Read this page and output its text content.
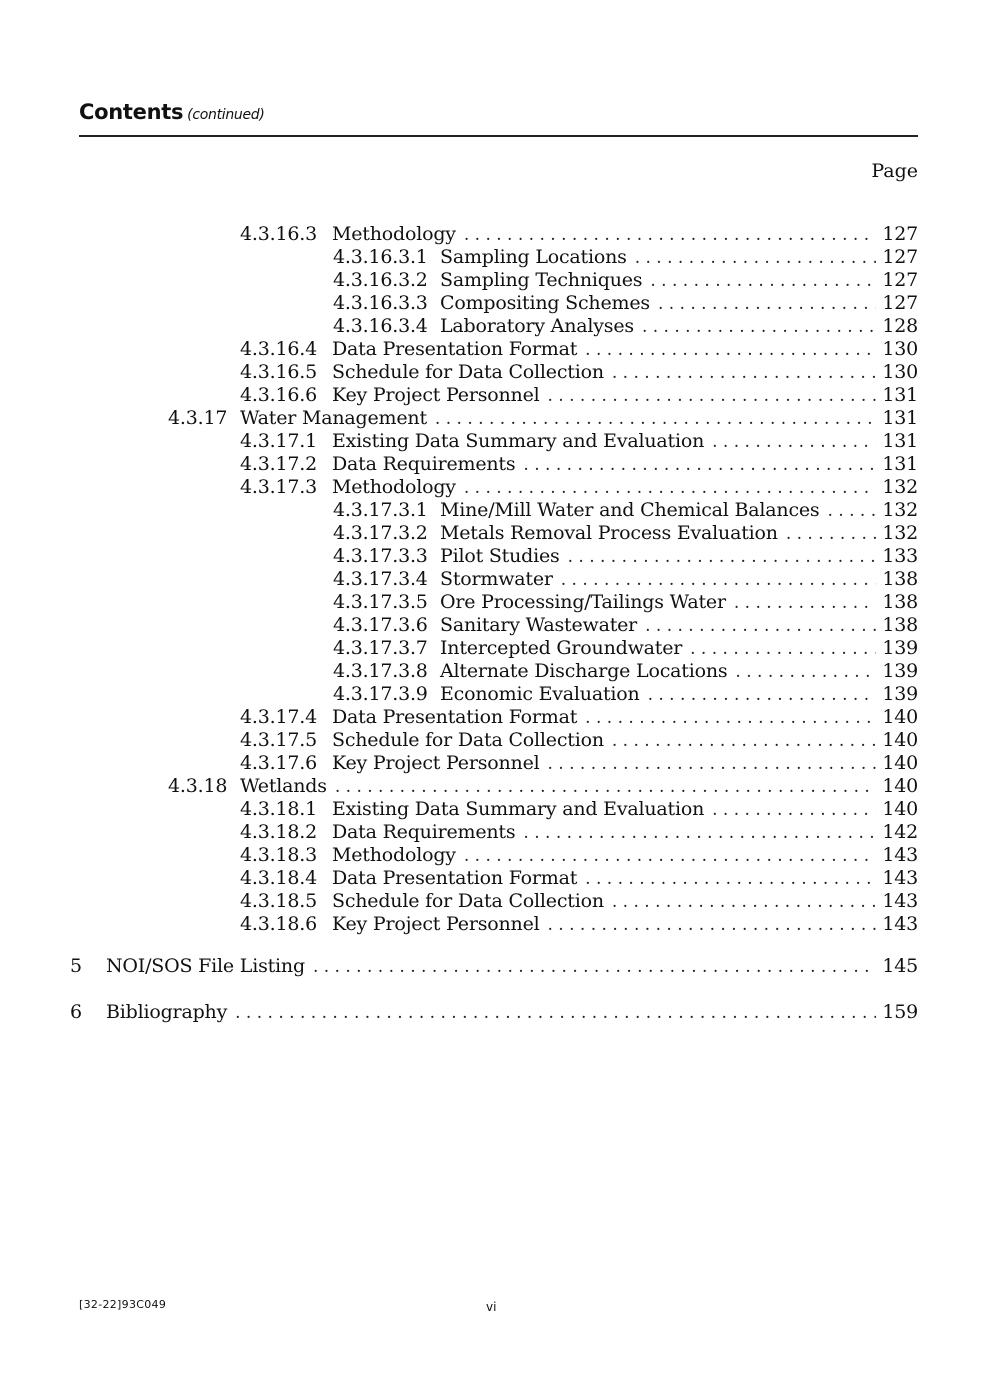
Contents (continued)
Page
4.3.16.3 Methodology . . .	127
4.3.16.3.1 Sampling Locations . . .	127
4.3.16.3.2 Sampling Techniques . . .	127
4.3.16.3.3 Compositing Schemes . . .	127
4.3.16.3.4 Laboratory Analyses . . .	128
4.3.16.4 Data Presentation Format . . .	130
4.3.16.5 Schedule for Data Collection . . .	130
4.3.16.6 Key Project Personnel . . .	131
4.3.17 Water Management . . .	131
4.3.17.1 Existing Data Summary and Evaluation . . .	131
4.3.17.2 Data Requirements . . .	131
4.3.17.3 Methodology . . .	132
4.3.17.3.1 Mine/Mill Water and Chemical Balances . . .	132
4.3.17.3.2 Metals Removal Process Evaluation . . .	132
4.3.17.3.3 Pilot Studies . . .	133
4.3.17.3.4 Stormwater . . .	138
4.3.17.3.5 Ore Processing/Tailings Water . . .	138
4.3.17.3.6 Sanitary Wastewater . . .	138
4.3.17.3.7 Intercepted Groundwater . . .	139
4.3.17.3.8 Alternate Discharge Locations . . .	139
4.3.17.3.9 Economic Evaluation . . .	139
4.3.17.4 Data Presentation Format . . .	140
4.3.17.5 Schedule for Data Collection . . .	140
4.3.17.6 Key Project Personnel . . .	140
4.3.18 Wetlands . . .	140
4.3.18.1 Existing Data Summary and Evaluation . . .	140
4.3.18.2 Data Requirements . . .	142
4.3.18.3 Methodology . . .	143
4.3.18.4 Data Presentation Format . . .	143
4.3.18.5 Schedule for Data Collection . . .	143
4.3.18.6 Key Project Personnel . . .	143
5	NOI/SOS File Listing . . .	145
6	Bibliography . . .	159
[32-22]93C049	vi
